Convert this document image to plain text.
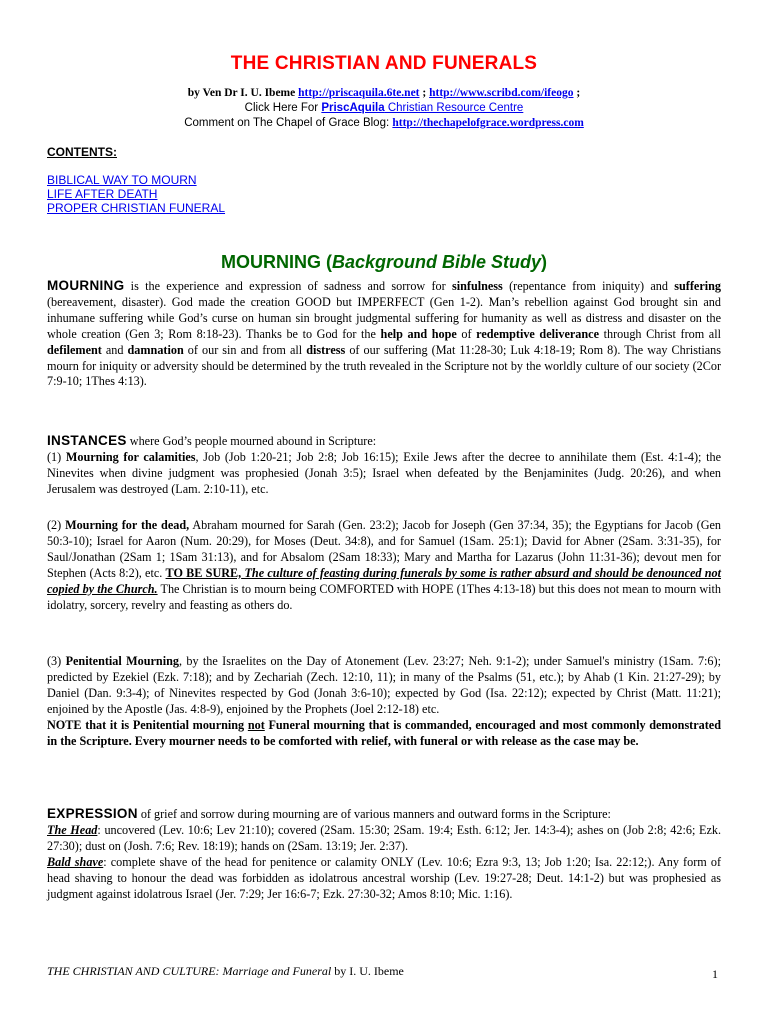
THE CHRISTIAN AND FUNERALS
by Ven Dr I. U. Ibeme http://priscaquila.6te.net ; http://www.scribd.com/ifeogo ;
Click Here For PriscAquila Christian Resource Centre
Comment on The Chapel of Grace Blog: http://thechapelofgrace.wordpress.com
CONTENTS:
BIBLICAL WAY TO MOURN
LIFE AFTER DEATH
PROPER CHRISTIAN FUNERAL
MOURNING (Background Bible Study)
MOURNING is the experience and expression of sadness and sorrow for sinfulness (repentance from iniquity) and suffering (bereavement, disaster). God made the creation GOOD but IMPERFECT (Gen 1-2). Man’s rebellion against God brought sin and inhumane suffering while God’s curse on human sin brought judgmental suffering for humanity as well as distress and disaster on the whole creation (Gen 3; Rom 8:18-23). Thanks be to God for the help and hope of redemptive deliverance through Christ from all defilement and damnation of our sin and from all distress of our suffering (Mat 11:28-30; Luk 4:18-19; Rom 8). The way Christians mourn for iniquity or adversity should be determined by the truth revealed in the Scripture not by the worldly culture of our society (2Cor 7:9-10; 1Thes 4:13).
INSTANCES where God’s people mourned abound in Scripture:
(1) Mourning for calamities, Job (Job 1:20-21; Job 2:8; Job 16:15); Exile Jews after the decree to annihilate them (Est. 4:1-4); the Ninevites when divine judgment was prophesied (Jonah 3:5); Israel when defeated by the Benjaminites (Judg. 20:26), and when Jerusalem was destroyed (Lam. 2:10-11), etc.
(2) Mourning for the dead, Abraham mourned for Sarah (Gen. 23:2); Jacob for Joseph (Gen 37:34, 35); the Egyptians for Jacob (Gen 50:3-10); Israel for Aaron (Num. 20:29), for Moses (Deut. 34:8), and for Samuel (1Sam. 25:1); David for Abner (2Sam. 3:31-35), for Saul/Jonathan (2Sam 1; 1Sam 31:13), and for Absalom (2Sam 18:33); Mary and Martha for Lazarus (John 11:31-36); devout men for Stephen (Acts 8:2), etc. TO BE SURE, The culture of feasting during funerals by some is rather absurd and should be denounced not copied by the Church. The Christian is to mourn being COMFORTED with HOPE (1Thes 4:13-18) but this does not mean to mourn with idolatry, sorcery, revelry and feasting as others do.
(3) Penitential Mourning, by the Israelites on the Day of Atonement (Lev. 23:27; Neh. 9:1-2); under Samuel's ministry (1Sam. 7:6); predicted by Ezekiel (Ezk. 7:18); and by Zechariah (Zech. 12:10, 11); in many of the Psalms (51, etc.); by Ahab (1 Kin. 21:27-29); by Daniel (Dan. 9:3-4); of Ninevites respected by God (Jonah 3:6-10); expected by God (Isa. 22:12); expected by Christ (Matt. 11:21); enjoined by the Apostle (Jas. 4:8-9), enjoined by the Prophets (Joel 2:12-18) etc.
NOTE that it is Penitential mourning not Funeral mourning that is commanded, encouraged and most commonly demonstrated in the Scripture. Every mourner needs to be comforted with relief, with funeral or with release as the case may be.
EXPRESSION of grief and sorrow during mourning are of various manners and outward forms in the Scripture:
The Head: uncovered (Lev. 10:6; Lev 21:10); covered (2Sam. 15:30; 2Sam. 19:4; Esth. 6:12; Jer. 14:3-4); ashes on (Job 2:8; 42:6; Ezk. 27:30); dust on (Josh. 7:6; Rev. 18:19); hands on (2Sam. 13:19; Jer. 2:37).
Bald shave: complete shave of the head for penitence or calamity ONLY (Lev. 10:6; Ezra 9:3, 13; Job 1:20; Isa. 22:12;). Any form of head shaving to honour the dead was forbidden as idolatrous ancestral worship (Lev. 19:27-28; Deut. 14:1-2) but was prophesied as judgment against idolatrous Israel (Jer. 7:29; Jer 16:6-7; Ezk. 27:30-32; Amos 8:10; Mic. 1:16).
THE CHRISTIAN AND CULTURE: Marriage and Funeral by I. U. Ibeme	1
